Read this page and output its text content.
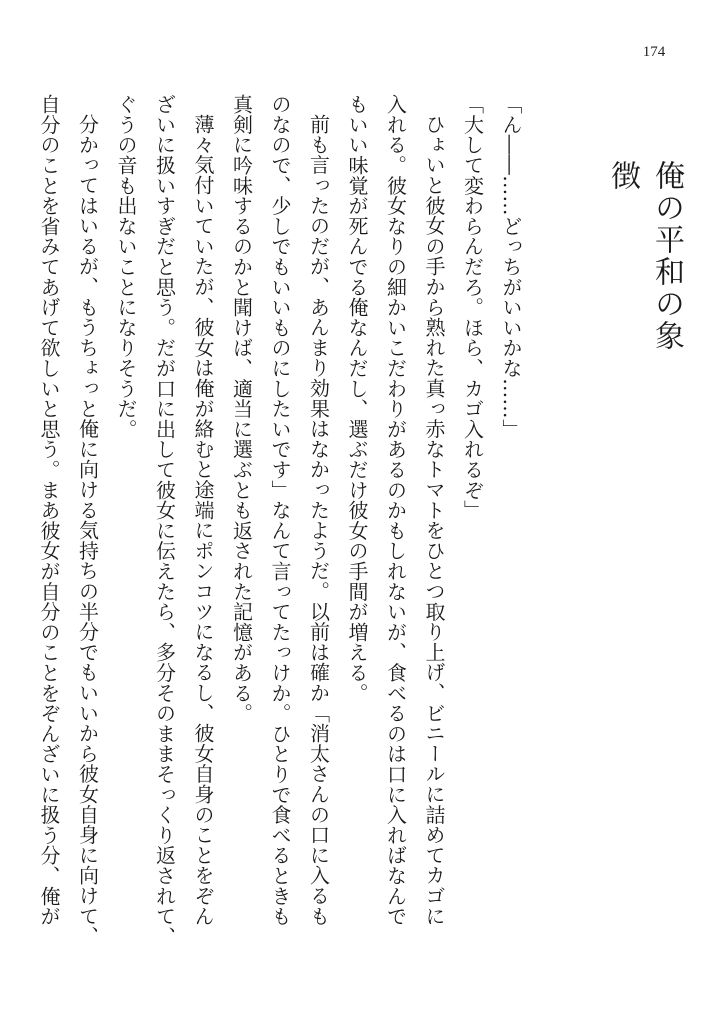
174
俺の平和の象徴

「ん――……どっちがいいかな……」

「大して変わらんだろ。ほら、カゴ入れるぞ」

ひょいと彼女の手から熟れた真っ赤なトマトをひとつ取り上げ、ビニールに詰めてカゴに

入れる。彼女なりの細かいこだわりがあるのかもしれないが、食べるのは口に入ればなんで

もいい味覚が死んでる俺なんだし、選ぶだけ彼女の手間が増える。

前も言ったのだが、あんまり効果はなかったようだ。以前は確か「消太さんの口に入るも

のなので、少しでもいいものにしたいです」なんて言ってたっけか。ひとりで食べるときも

真剣に吟味するのかと聞けば、適当に選ぶとも返された記憶がある。

薄々気付いていたが、彼女は俺が絡むと途端にポンコツになるし、彼女自身のことをぞん

ざいに扱いすぎだと思う。だが口に出して彼女に伝えたら、多分そのままそっくり返されて、

ぐうの音も出ないことになりそうだ。

分かってはいるが、もうちょっと俺に向ける気持ちの半分でもいいから彼女自身に向けて、

自分のことを省みてあげて欲しいと思う。まあ彼女が自分のことをぞんざいに扱う分、俺が
